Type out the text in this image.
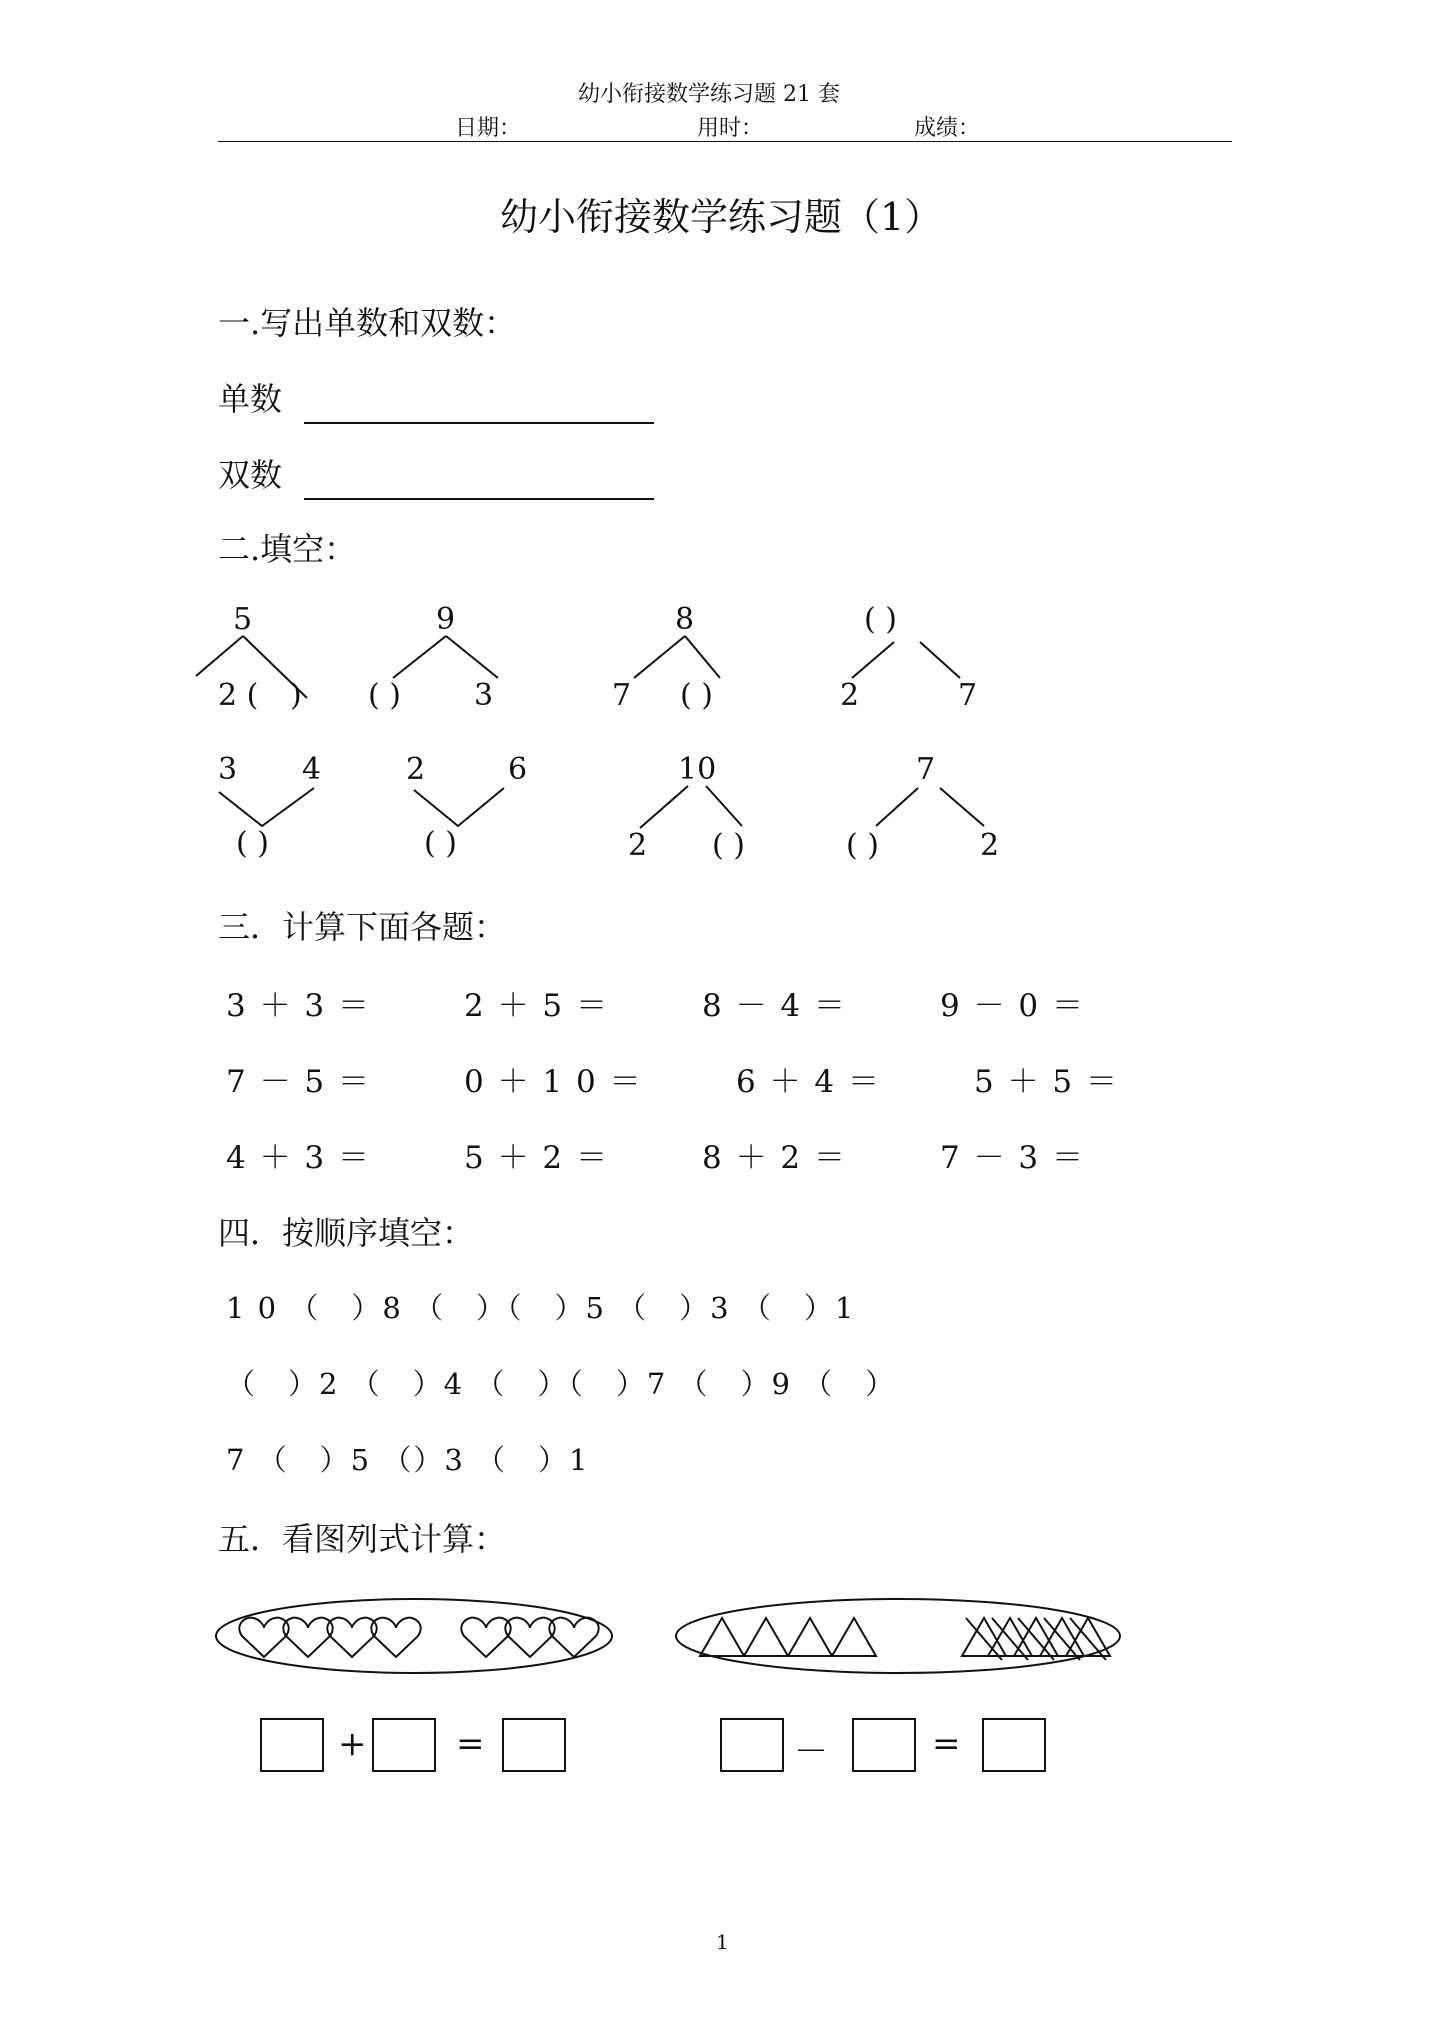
幼小衔接数学练习题 21 套
日期：	用时：	成绩：
幼小衔接数学练习题（1）
一.写出单数和双数：
单数
双数
二.填空：
5
2 ( )
9
( ) 3
8
7 ( )
( )
2	7
3 4
( )
2	6
( )
10
2 ( )
7
( )	2
三．计算下面各题：
3 ＋ 3 ＝	2 ＋ 5 ＝	8 － 4 ＝	9 － 0 ＝
7 － 5 ＝	0 ＋ 1 0 ＝	6 ＋ 4 ＝	5 ＋ 5 ＝
4 ＋ 3 ＝	5 ＋ 2 ＝	8 ＋ 2 ＝	7 － 3 ＝
四．按顺序填空：
1 0 （　）8 （　）（　）5 （　）3 （　）1
（　）2 （　）4 （　）（　）7 （　）9 （　）
7 （　）5 （）3 （　）1
五．看图列式计算：
+	=	－	=
1
